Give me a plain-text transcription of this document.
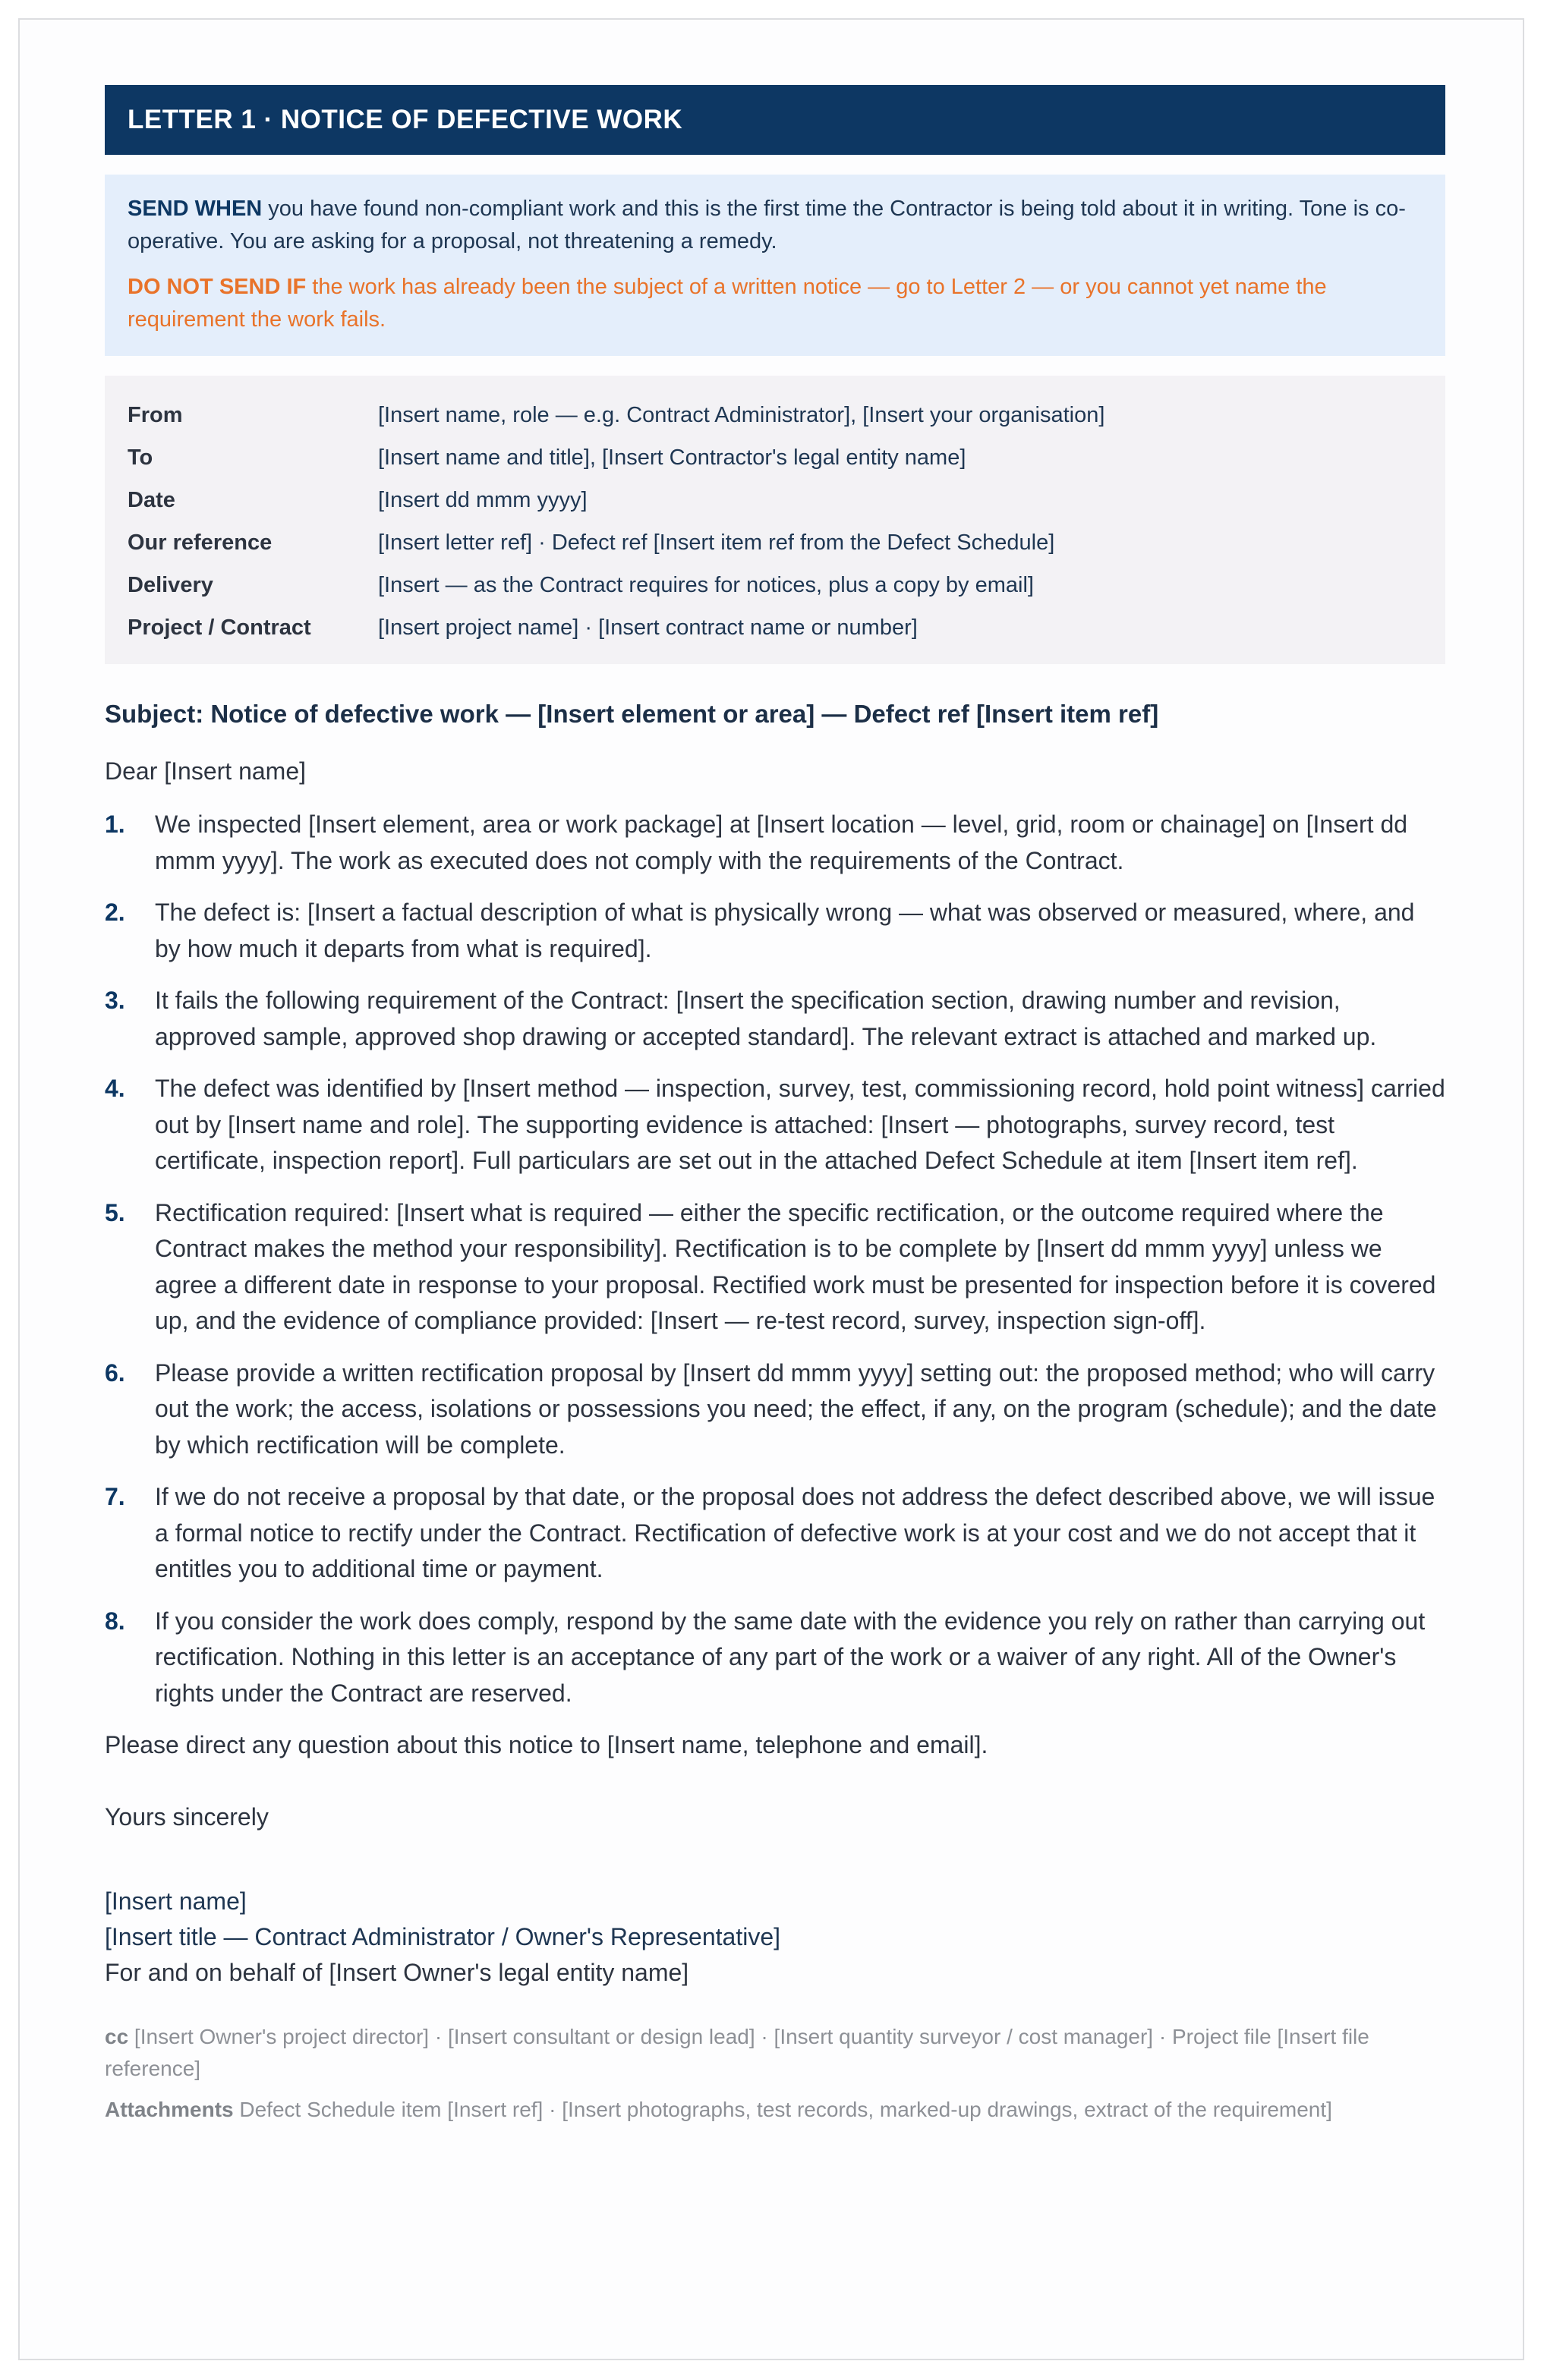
LETTER 1 · NOTICE OF DEFECTIVE WORK

SEND WHEN you have found non-compliant work and this is the first time the Contractor is being told about it in writing. Tone is co-operative. You are asking for a proposal, not threatening a remedy.

DO NOT SEND IF the work has already been the subject of a written notice — go to Letter 2 — or you cannot yet name the requirement the work fails.

From	[Insert name, role — e.g. Contract Administrator], [Insert your organisation]
To	[Insert name and title], [Insert Contractor's legal entity name]
Date	[Insert dd mmm yyyy]
Our reference	[Insert letter ref] · Defect ref [Insert item ref from the Defect Schedule]
Delivery	[Insert — as the Contract requires for notices, plus a copy by email]
Project / Contract	[Insert project name] · [Insert contract name or number]
Subject: Notice of defective work — [Insert element or area] — Defect ref [Insert item ref]
Dear [Insert name]
1.	We inspected [Insert element, area or work package] at [Insert location — level, grid, room or chainage] on [Insert dd mmm yyyy]. The work as executed does not comply with the requirements of the Contract.
2.	The defect is: [Insert a factual description of what is physically wrong — what was observed or measured, where, and by how much it departs from what is required].
3.	It fails the following requirement of the Contract: [Insert the specification section, drawing number and revision, approved sample, approved shop drawing or accepted standard]. The relevant extract is attached and marked up.
4.	The defect was identified by [Insert method — inspection, survey, test, commissioning record, hold point witness] carried out by [Insert name and role]. The supporting evidence is attached: [Insert — photographs, survey record, test certificate, inspection report]. Full particulars are set out in the attached Defect Schedule at item [Insert item ref].
5.	Rectification required: [Insert what is required — either the specific rectification, or the outcome required where the Contract makes the method your responsibility]. Rectification is to be complete by [Insert dd mmm yyyy] unless we agree a different date in response to your proposal. Rectified work must be presented for inspection before it is covered up, and the evidence of compliance provided: [Insert — re-test record, survey, inspection sign-off].
6.	Please provide a written rectification proposal by [Insert dd mmm yyyy] setting out: the proposed method; who will carry out the work; the access, isolations or possessions you need; the effect, if any, on the program (schedule); and the date by which rectification will be complete.
7.	If we do not receive a proposal by that date, or the proposal does not address the defect described above, we will issue a formal notice to rectify under the Contract. Rectification of defective work is at your cost and we do not accept that it entitles you to additional time or payment.
8.	If you consider the work does comply, respond by the same date with the evidence you rely on rather than carrying out rectification. Nothing in this letter is an acceptance of any part of the work or a waiver of any right. All of the Owner's rights under the Contract are reserved.
Please direct any question about this notice to [Insert name, telephone and email].
Yours sincerely
[Insert name]
[Insert title — Contract Administrator / Owner's Representative]
For and on behalf of [Insert Owner's legal entity name]

cc [Insert Owner's project director] · [Insert consultant or design lead] · [Insert quantity surveyor / cost manager] · Project file [Insert file reference]

Attachments Defect Schedule item [Insert ref] · [Insert photographs, test records, marked-up drawings, extract of the requirement]
